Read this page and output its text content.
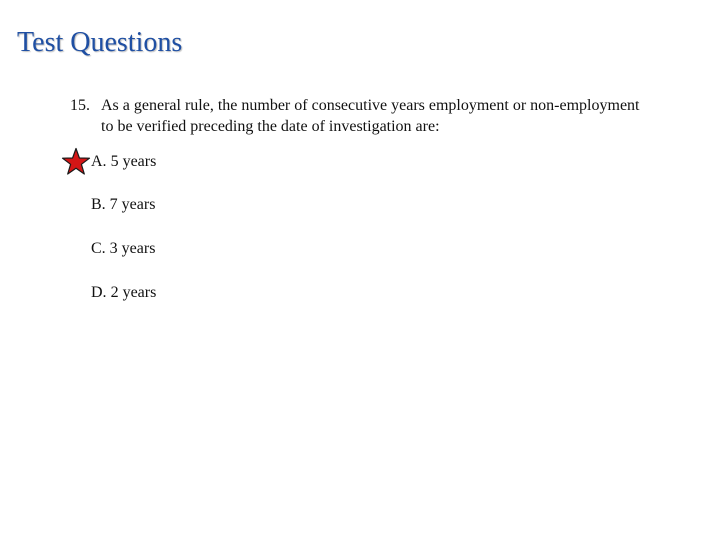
Test Questions
15. As a general rule, the number of consecutive years employment or non-employment
to be verified preceding the date of investigation are:
A. 5 years
B. 7 years
C. 3 years
D. 2 years
